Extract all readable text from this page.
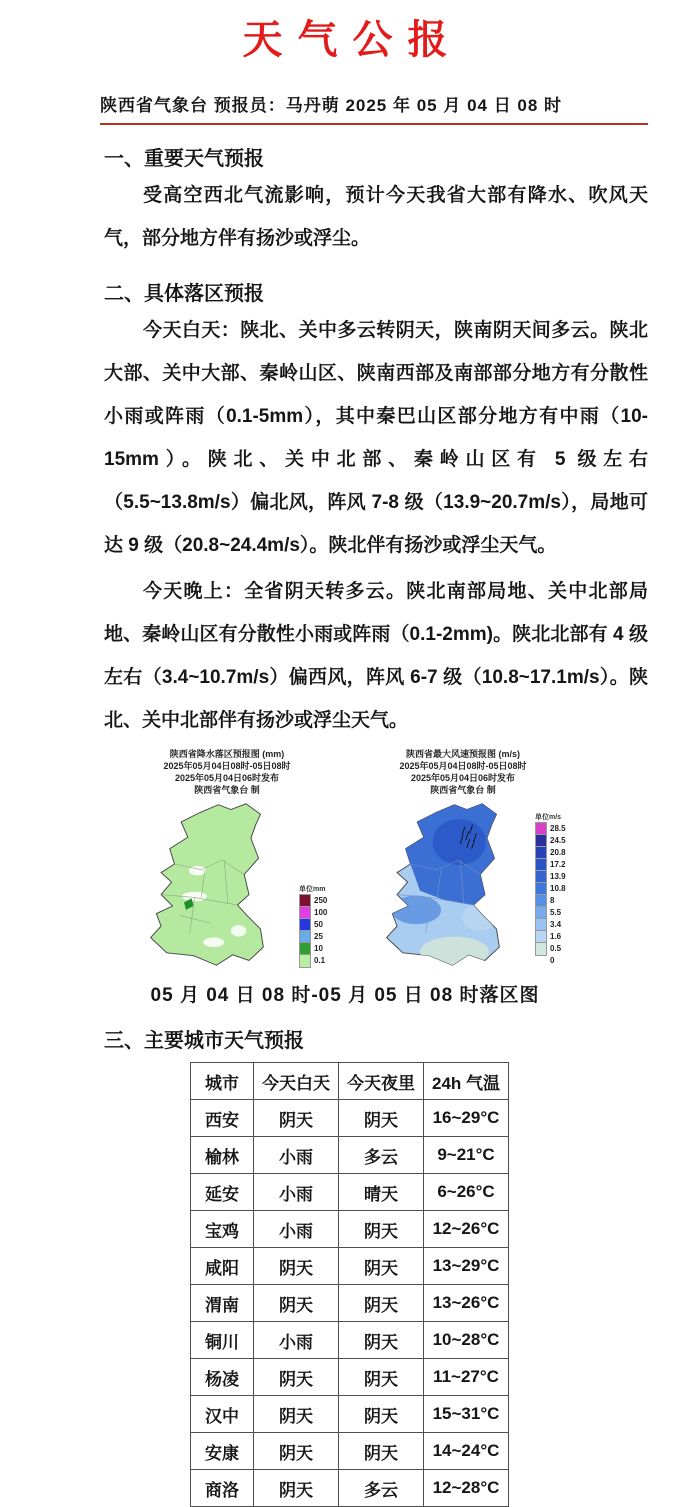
天气公报
陕西省气象台 预报员：马丹萌 2025 年 05 月 04 日 08 时
一、重要天气预报
受高空西北气流影响，预计今天我省大部有降水、吹风天气，部分地方伴有扬沙或浮尘。
二、具体落区预报
今天白天：陕北、关中多云转阴天，陕南阴天间多云。陕北大部、关中大部、秦岭山区、陕南西部及南部部分地方有分散性小雨或阵雨（0.1-5mm），其中秦巴山区部分地方有中雨（10-15mm）。陕北、关中北部、秦岭山区有 5 级左右（5.5~13.8m/s）偏北风，阵风 7-8 级（13.9~20.7m/s），局地可达 9 级（20.8~24.4m/s）。陕北伴有扬沙或浮尘天气。
今天晚上：全省阴天转多云。陕北南部局地、关中北部局地、秦岭山区有分散性小雨或阵雨（0.1-2mm)。陕北北部有 4 级左右（3.4~10.7m/s）偏西风，阵风 6-7 级（10.8~17.1m/s）。陕北、关中北部伴有扬沙或浮尘天气。
陕西省降水落区预报图 (mm)
2025年05月04日08时-05日08时
2025年05月04日06时发布
陕西省气象台 制
单位mm
250
100
50
25
10
0.1
陕西省最大风速预报图 (m/s)
2025年05月04日08时-05日08时
2025年05月04日06时发布
陕西省气象台 制
单位m/s
28.5
24.5
20.8
17.2
13.9
10.8
8
5.5
3.4
1.6
0.5
0
05 月 04 日 08 时-05 月 05 日 08 时落区图
三、主要城市天气预报
城市	今天白天	今天夜里	24h 气温
西安	阴天	阴天	16~29°C
榆林	小雨	多云	9~21°C
延安	小雨	晴天	6~26°C
宝鸡	小雨	阴天	12~26°C
咸阳	阴天	阴天	13~29°C
渭南	阴天	阴天	13~26°C
铜川	小雨	阴天	10~28°C
杨凌	阴天	阴天	11~27°C
汉中	阴天	阴天	15~31°C
安康	阴天	阴天	14~24°C
商洛	阴天	多云	12~28°C
